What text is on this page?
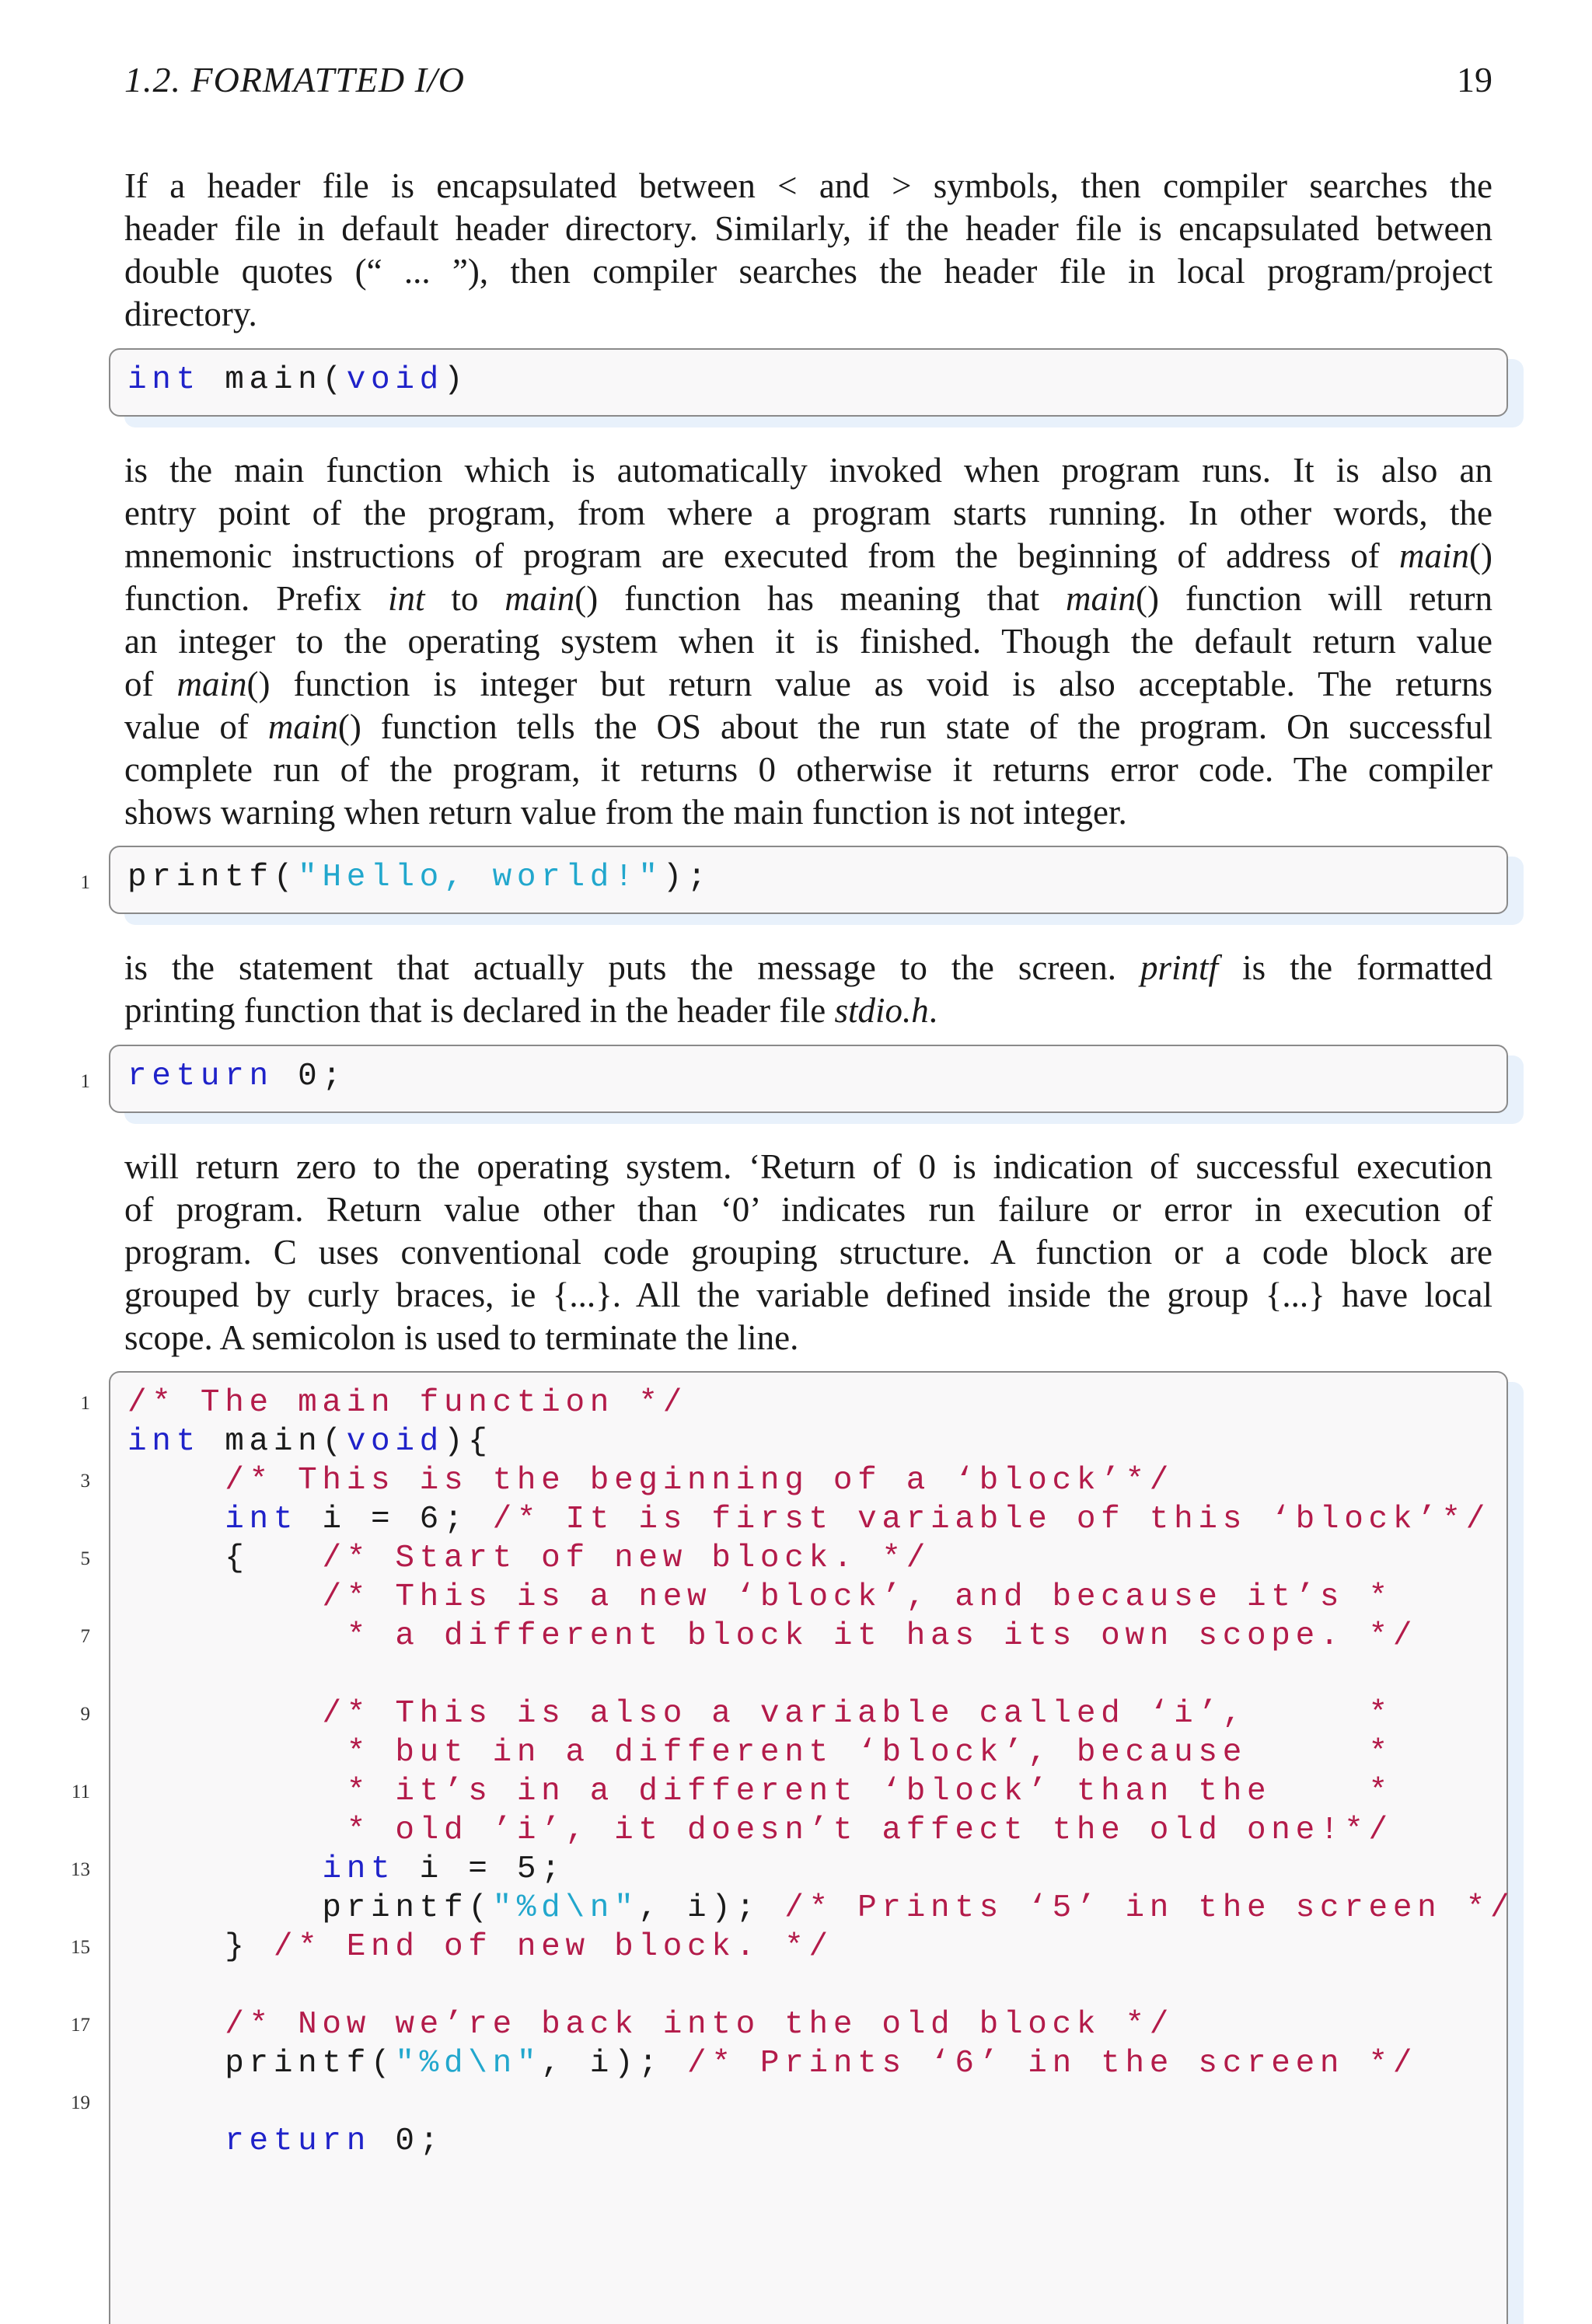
1.2. FORMATTED I/O	19
If a header file is encapsulated between < and > symbols, then compiler searches the
header file in default header directory. Similarly, if the header file is encapsulated between
double quotes (“ ... ”), then compiler searches the header file in local program/project
directory.

int main(void)

is the main function which is automatically invoked when program runs. It is also an
entry point of the program, from where a program starts running. In other words, the
mnemonic instructions of program are executed from the beginning of address of main()
function. Prefix int to main() function has meaning that main() function will return
an integer to the operating system when it is finished. Though the default return value
of main() function is integer but return value as void is also acceptable. The returns
value of main() function tells the OS about the run state of the program. On successful
complete run of the program, it returns 0 otherwise it returns error code. The compiler
shows warning when return value from the main function is not integer.

printf("Hello, world!");

1
is the statement that actually puts the message to the screen. printf is the formatted
printing function that is declared in the header file stdio.h.

return 0;

1
will return zero to the operating system. ‘Return of 0 is indication of successful execution
of program. Return value other than ‘0’ indicates run failure or error in execution of
program. C uses conventional code grouping structure. A function or a code block are
grouped by curly braces, ie {...}. All the variable defined inside the group {...} have local
scope. A semicolon is used to terminate the line.
/* The main function */
int main(void){
/* This is the beginning of a ‘block’*/
int i = 6; /* It is first variable of this ‘block’*/
{   /* Start of new block. */
/* This is a new ‘block’, and because it’s *
* a different block it has its own scope. */
/* This is also a variable called ‘i’,     *
* but in a different ‘block’, because     *
* it’s in a different ‘block’ than the    *
* old ’i’, it doesn’t affect the old one!*/
int i = 5;
printf("%d\n", i); /* Prints ‘5’ in the screen */
} /* End of new block. */
/* Now we’re back into the old block */
printf("%d\n", i); /* Prints ‘6’ in the screen */
return 0;
1
3
5
7
9
11
13
15
17
19
